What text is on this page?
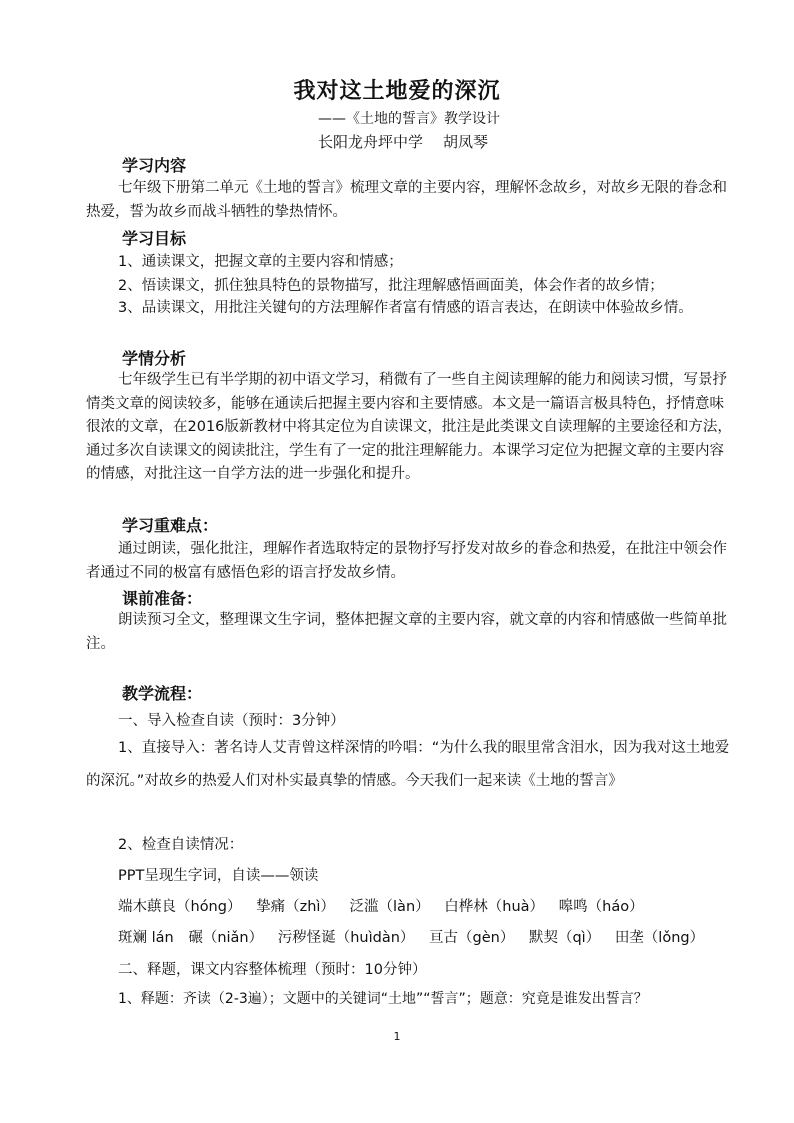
我对这土地爱的深沉
——《土地的誓言》教学设计
长阳龙舟坪中学 胡凤琴
学习内容

七年级下册第二单元《土地的誓言》梳理文章的主要内容，理解怀念故乡，对故乡无限的眷念和热爱，誓为故乡而战斗牺牲的挚热情怀。

学习目标
1、通读课文，把握文章的主要内容和情感；
2、悟读课文，抓住独具特色的景物描写，批注理解感悟画面美，体会作者的故乡情；

3、品读课文，用批注关键句的方法理解作者富有情感的语言表达，在朗读中体验故乡情。

学情分析

七年级学生已有半学期的初中语文学习，稍微有了一些自主阅读理解的能力和阅读习惯，写景抒情类文章的阅读较多，能够在通读后把握主要内容和主要情感。本文是一篇语言极具特色，抒情意味很浓的文章，在2016版新教材中将其定位为自读课文，批注是此类课文自读理解的主要途径和方法，通过多次自读课文的阅读批注，学生有了一定的批注理解能力。本课学习定位为把握文章的主要内容的情感，对批注这一自学方法的进一步强化和提升。

学习重难点：

通过朗读，强化批注，理解作者选取特定的景物抒写抒发对故乡的眷念和热爱，在批注中领会作者通过不同的极富有感悟色彩的语言抒发故乡情。

课前准备：

朗读预习全文，整理课文生字词，整体把握文章的主要内容，就文章的内容和情感做一些简单批注。

教学流程：
一、导入检查自读（预时：3分钟）

1、直接导入：著名诗人艾青曾这样深情的吟唱：“为什么我的眼里常含泪水，因为我对这土地爱的深沉。”对故乡的热爱人们对朴实最真挚的情感。今天我们一起来读《土地的誓言》

2、检查自读情况：
PPT呈现生字词，自读——领读
端木蕻良（hóng） 挚痛（zhì） 泛滥（làn） 白桦林（huà） 嗥鸣（háo）
斑斓 lán 碾（niǎn） 污秽怪诞（huìdàn） 亘古（gèn） 默契（qì） 田垄（lǒng）
二、释题，课文内容整体梳理（预时：10分钟）
1、释题：齐读（2-3遍）；文题中的关键词“土地”“誓言”；题意：究竟是谁发出誓言？
1
